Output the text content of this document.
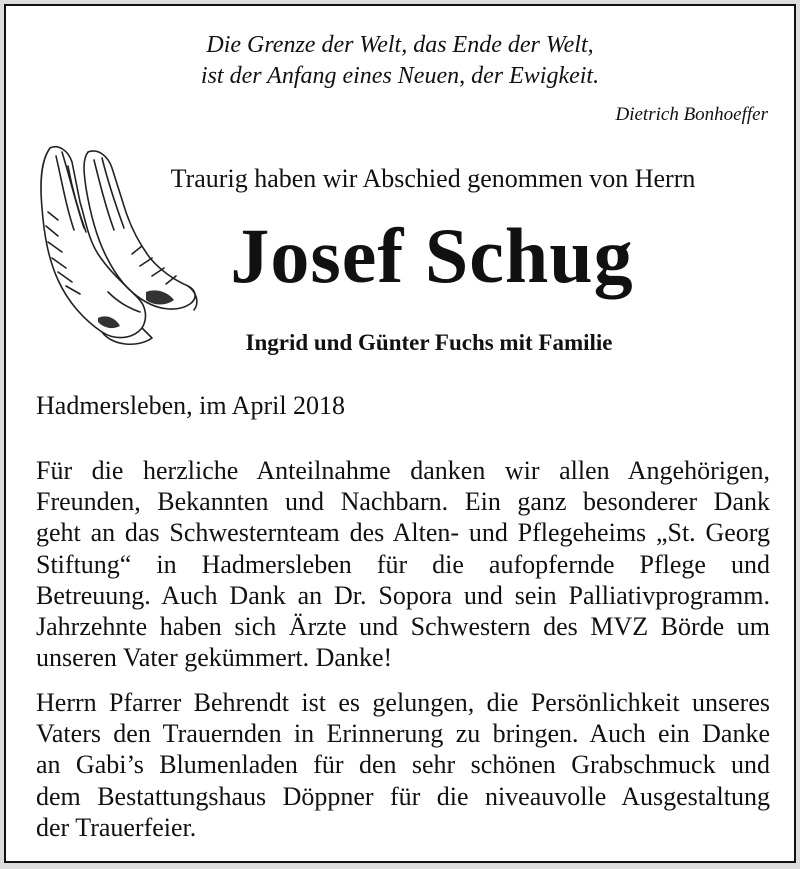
Die Grenze der Welt, das Ende der Welt,
ist der Anfang eines Neuen, der Ewigkeit.
Dietrich Bonhoeffer
Traurig haben wir Abschied genommen von Herrn
Josef Schug
Ingrid und Günter Fuchs mit Familie
Hadmersleben, im April 2018
Für die herzliche Anteilnahme danken wir allen Angehörigen,
Freunden, Bekannten und Nachbarn. Ein ganz besonderer Dank
geht an das Schwesternteam des Alten- und Pflegeheims „St. Georg
Stiftung“ in Hadmersleben für die aufopfernde Pflege und
Betreuung. Auch Dank an Dr. Sopora und sein Palliativprogramm.
Jahrzehnte haben sich Ärzte und Schwestern des MVZ Börde um
unseren Vater gekümmert. Danke!
Herrn Pfarrer Behrendt ist es gelungen, die Persönlichkeit unseres
Vaters den Trauernden in Erinnerung zu bringen. Auch ein Danke
an Gabi’s Blumenladen für den sehr schönen Grabschmuck und
dem Bestattungshaus Döppner für die niveauvolle Ausgestaltung
der Trauerfeier.
